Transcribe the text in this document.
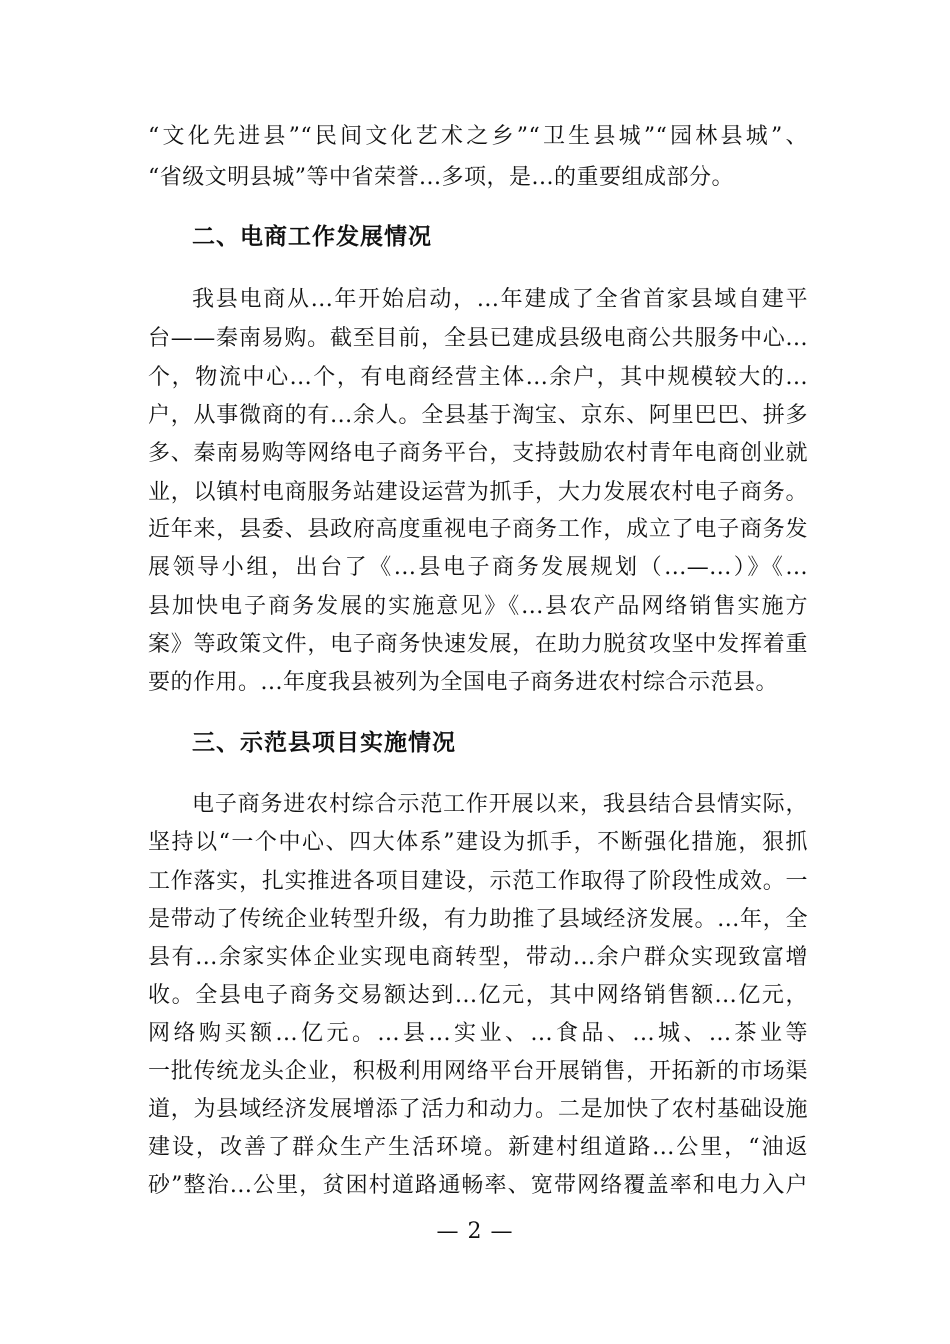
“文化先进县”“民间文化艺术之乡”“卫生县城”“园林县城”、
“省级文明县城”等中省荣誉...多项，是...的重要组成部分。
二、电商工作发展情况
我县电商从...年开始启动，...年建成了全省首家县域自建平
台——秦南易购。截至目前，全县已建成县级电商公共服务中心...
个，物流中心...个，有电商经营主体...余户，其中规模较大的...
户，从事微商的有...余人。全县基于淘宝、京东、阿里巴巴、拼多
多、秦南易购等网络电子商务平台，支持鼓励农村青年电商创业就
业，以镇村电商服务站建设运营为抓手，大力发展农村电子商务。
近年来，县委、县政府高度重视电子商务工作，成立了电子商务发
展领导小组，出台了《...县电子商务发展规划（...—...）》《...
县加快电子商务发展的实施意见》《...县农产品网络销售实施方
案》等政策文件，电子商务快速发展，在助力脱贫攻坚中发挥着重
要的作用。...年度我县被列为全国电子商务进农村综合示范县。
三、示范县项目实施情况
电子商务进农村综合示范工作开展以来，我县结合县情实际，
坚持以“一个中心、四大体系”建设为抓手，不断强化措施，狠抓
工作落实，扎实推进各项目建设，示范工作取得了阶段性成效。一
是带动了传统企业转型升级，有力助推了县域经济发展。...年，全
县有...余家实体企业实现电商转型，带动...余户群众实现致富增
收。全县电子商务交易额达到...亿元，其中网络销售额...亿元，
网络购买额...亿元。...县...实业、...食品、...城、...茶业等
一批传统龙头企业，积极利用网络平台开展销售，开拓新的市场渠
道，为县域经济发展增添了活力和动力。二是加快了农村基础设施
建设，改善了群众生产生活环境。新建村组道路...公里，“油返
砂”整治...公里，贫困村道路通畅率、宽带网络覆盖率和电力入户
— 2 —
